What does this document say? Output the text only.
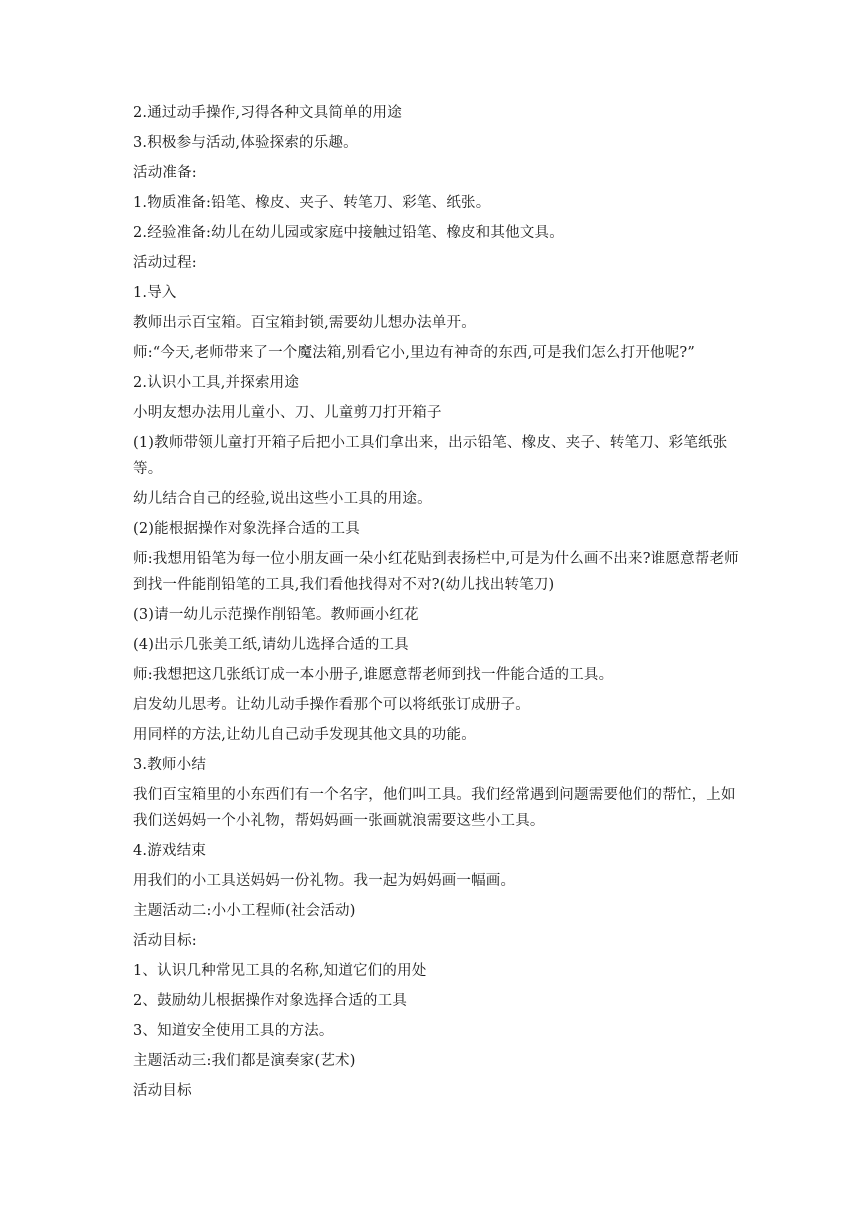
2.通过动手操作,习得各种文具简单的用途

3.积极参与活动,体验探索的乐趣。

活动准备:

1.物质准备:铅笔、橡皮、夹子、转笔刀、彩笔、纸张。

2.经验准备:幼儿在幼儿园或家庭中接触过铅笔、橡皮和其他文具。

活动过程:

1.导入

教师出示百宝箱。百宝箱封锁,需要幼儿想办法单开。

师:“今天,老师带来了一个魔法箱,别看它小,里边有神奇的东西,可是我们怎么打开他呢?”

2.认识小工具,并探索用途

小明友想办法用儿童小、刀、儿童剪刀打开箱子

(1)教师带领儿童打开箱子后把小工具们拿出来，出示铅笔、橡皮、夹子、转笔刀、彩笔纸张等。

幼儿结合自己的经验,说出这些小工具的用途。

(2)能根据操作对象洗择合适的工具

师:我想用铅笔为每一位小朋友画一朵小红花贴到表扬栏中,可是为什么画不出来?谁愿意帮老师到找一件能削铅笔的工具,我们看他找得对不对?(幼儿找出转笔刀)

(3)请一幼儿示范操作削铅笔。教师画小红花

(4)出示几张美工纸,请幼儿选择合适的工具

师:我想把这几张纸订成一本小册子,谁愿意帮老师到找一件能合适的工具。

启发幼儿思考。让幼儿动手操作看那个可以将纸张订成册子。

用同样的方法,让幼儿自己动手发现其他文具的功能。

3.教师小结

我们百宝箱里的小东西们有一个名字，他们叫工具。我们经常遇到问题需要他们的帮忙，上如我们送妈妈一个小礼物，帮妈妈画一张画就浪需要这些小工具。

4.游戏结束

用我们的小工具送妈妈一份礼物。我一起为妈妈画一幅画。

主题活动二:小小工程师(社会活动)

活动目标:

1、认识几种常见工具的名称,知道它们的用处

2、鼓励幼儿根据操作对象选择合适的工具

3、知道安全使用工具的方法。

主题活动三:我们都是演奏家(艺术)

活动目标
